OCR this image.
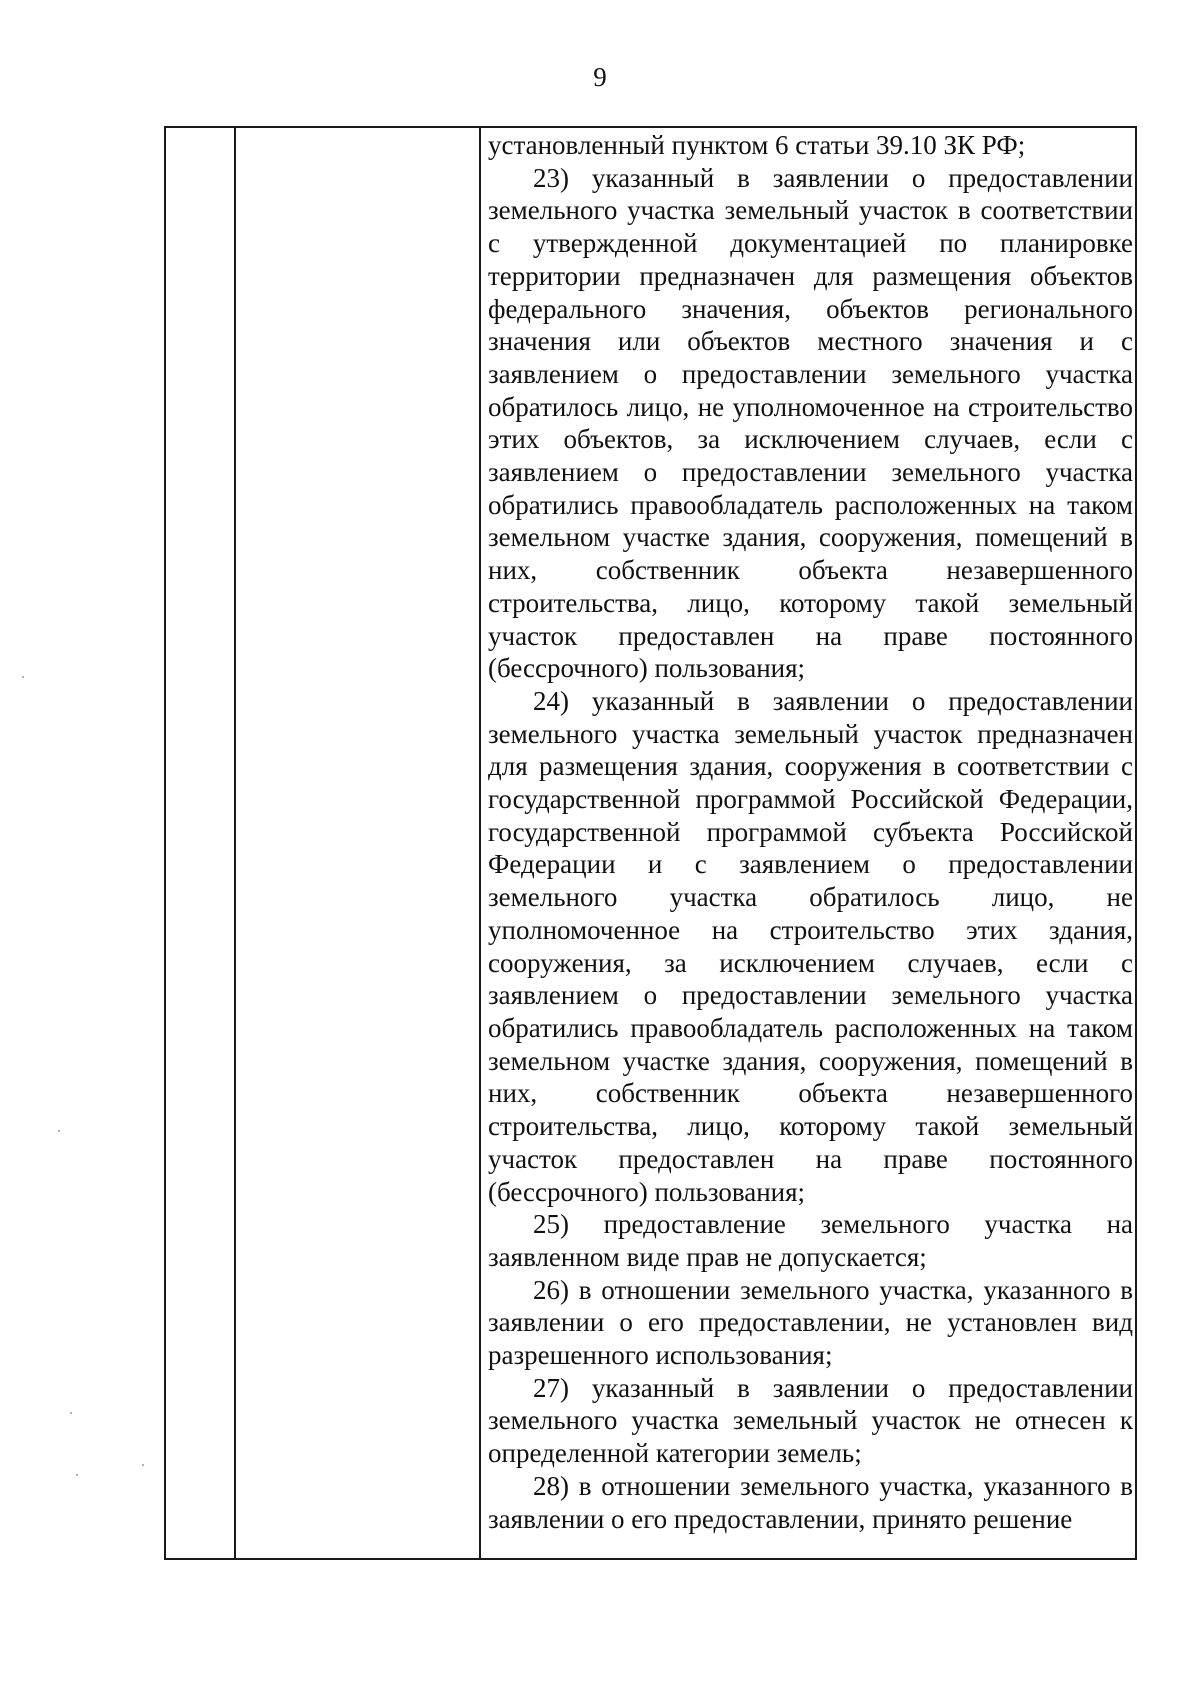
9

установленный пунктом 6 статьи 39.10 ЗК РФ;

23) указанный в заявлении о предоставлении земельного участка земельный участок в соответствии с утвержденной документацией по планировке территории предназначен для размещения объектов федерального значения, объектов регионального значения или объектов местного значения и с заявлением о предоставлении земельного участка обратилось лицо, не уполномоченное на строительство этих объектов, за исключением случаев, если с заявлением о предоставлении земельного участка обратились правообладатель расположенных на таком земельном участке здания, сооружения, помещений в них, собственник объекта незавершенного строительства, лицо, которому такой земельный участок предоставлен на праве постоянного (бессрочного) пользования;

24) указанный в заявлении о предоставлении земельного участка земельный участок предназначен для размещения здания, сооружения в соответствии с государственной программой Российской Федерации, государственной программой субъекта Российской Федерации и с заявлением о предоставлении земельного участка обратилось лицо, не уполномоченное на строительство этих здания, сооружения, за исключением случаев, если с заявлением о предоставлении земельного участка обратились правообладатель расположенных на таком земельном участке здания, сооружения, помещений в них, собственник объекта незавершенного строительства, лицо, которому такой земельный участок предоставлен на праве постоянного (бессрочного) пользования;

25) предоставление земельного участка на заявленном виде прав не допускается;

26) в отношении земельного участка, указанного в заявлении о его предоставлении, не установлен вид разрешенного использования;

27) указанный в заявлении о предоставлении земельного участка земельный участок не отнесен к определенной категории земель;

28) в отношении земельного участка, указанного в заявлении о его предоставлении, принято решение
